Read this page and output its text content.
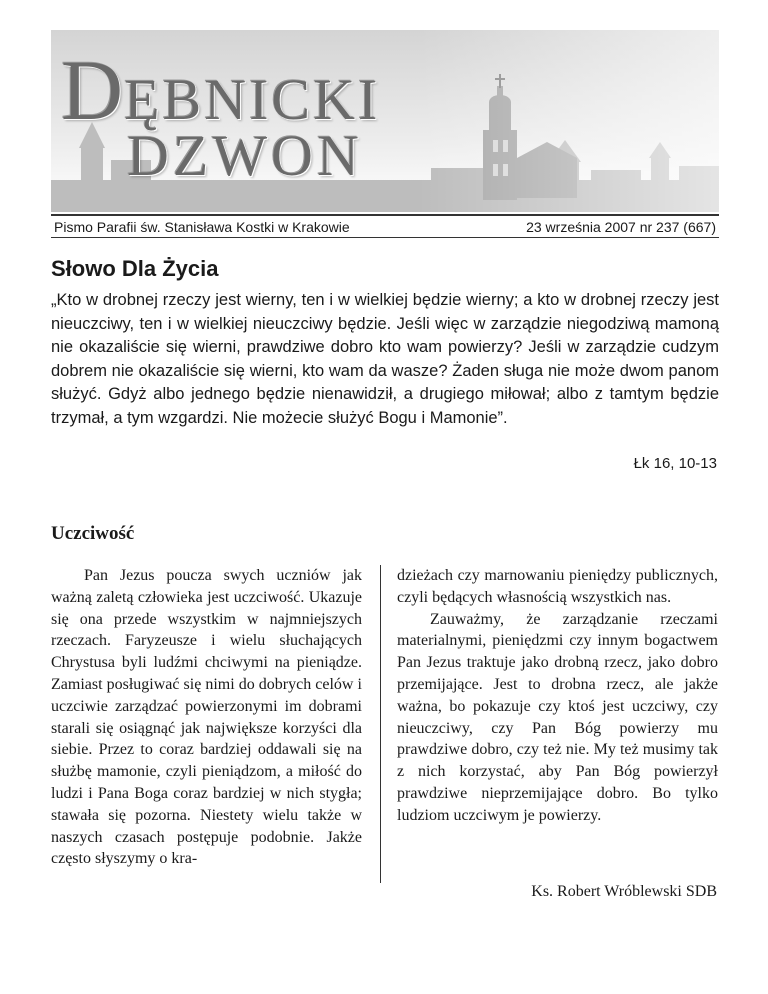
DĘBNICKI
DZWON
Pismo Parafii św. Stanisława Kostki w Krakowie	23 września 2007 nr 237 (667)
Słowo Dla Życia
„Kto w drobnej rzeczy jest wierny, ten i w wielkiej będzie wierny; a kto w drobnej rzeczy jest nieuczciwy, ten i w wielkiej nieuczciwy będzie. Jeśli więc w zarządzie niegodziwą mamoną nie okazaliście się wierni, prawdziwe dobro kto wam powierzy? Jeśli w zarządzie cudzym dobrem nie okazaliście się wierni, kto wam da wasze? Żaden sługa nie może dwom panom służyć. Gdyż albo jednego będzie nienawidził, a drugiego miłował; albo z tamtym będzie trzymał, a tym wzgardzi. Nie możecie służyć Bogu i Mamonie”.
Łk 16, 10-13
Uczciwość

Pan Jezus poucza swych uczniów jak ważną zaletą człowieka jest uczciwość. Ukazuje się ona przede wszystkim w najmniejszych rzeczach. Faryzeusze i wielu słuchających Chrystusa byli ludźmi chciwymi na pieniądze. Zamiast posługiwać się nimi do dobrych celów i uczciwie zarządzać powierzonymi im dobrami starali się osiągnąć jak największe korzyści dla siebie. Przez to coraz bardziej oddawali się na służbę mamonie, czyli pieniądzom, a miłość do ludzi i Pana Boga coraz bardziej w nich stygła; stawała się pozorna. Niestety wielu także w naszych czasach postępuje podobnie. Jakże często słyszymy o kra-

dzieżach czy marnowaniu pieniędzy publicznych, czyli będących własnością wszystkich nas.

Zauważmy, że zarządzanie rzeczami materialnymi, pieniędzmi czy innym bogactwem Pan Jezus traktuje jako drobną rzecz, jako dobro przemijające. Jest to drobna rzecz, ale jakże ważna, bo pokazuje czy ktoś jest uczciwy, czy nieuczciwy, czy Pan Bóg powierzy mu prawdziwe dobro, czy też nie. My też musimy tak z nich korzystać, aby Pan Bóg powierzył prawdziwe nieprzemijające dobro. Bo tylko ludziom uczciwym je powierzy.

Ks. Robert Wróblewski SDB
